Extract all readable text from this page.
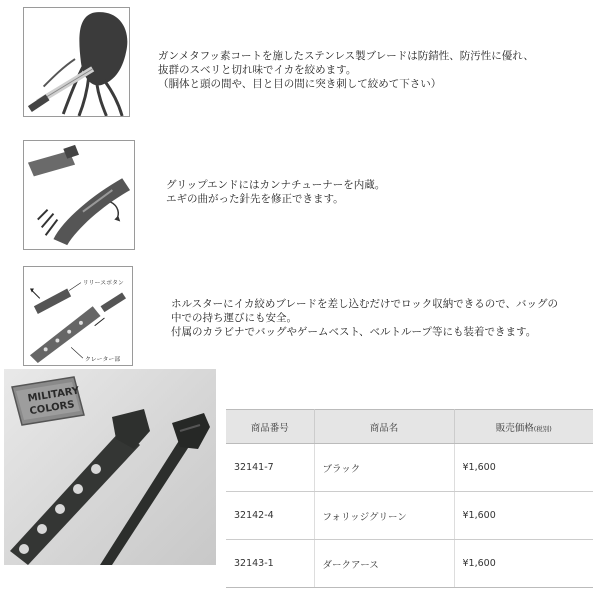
ガンメタフッ素コートを施したステンレス製ブレードは防錆性、防汚性に優れ、
抜群のスベリと切れ味でイカを絞めます。
（胴体と頭の間や、目と目の間に突き刺して絞めて下さい）
グリップエンドにはカンナチューナーを内蔵。
エギの曲がった針先を修正できます。
リリースボタン
クレーター部
ホルスターにイカ絞めブレードを差し込むだけでロック収納できるので、バッグの
中での持ち運びにも安全。
付属のカラビナでバッグやゲームベスト、ベルトループ等にも装着できます。
MILITARY
COLORS
商品番号	商品名	販売価格(税別)
32141-7	ブラック	¥1,600
32142-4	フォリッジグリーン	¥1,600
32143-1	ダークアース	¥1,600
